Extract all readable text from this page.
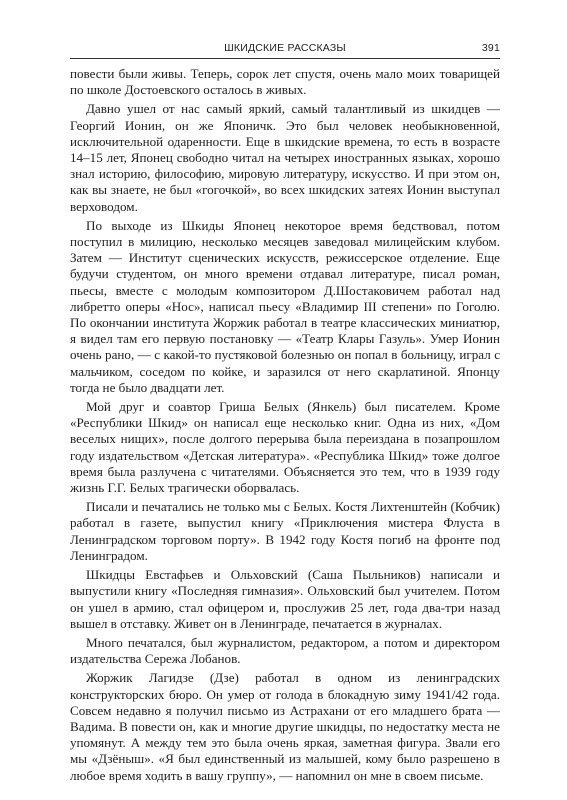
ШКИДСКИЕ РАССКАЗЫ	391

повести были живы. Теперь, сорок лет спустя, очень мало моих товарищей по школе Достоевского осталось в живых.

Давно ушел от нас самый яркий, самый талантливый из шкидцев — Георгий Ионин, он же Японичк. Это был человек необыкновенной, исключительной одаренности. Еще в шкидские времена, то есть в возрасте 14–15 лет, Японец свободно читал на четырех иностранных языках, хорошо знал историю, философию, мировую литературу, искусство. И при этом он, как вы знаете, не был «гогочкой», во всех шкидских затеях Ионин выступал верховодом.

По выходе из Шкиды Японец некоторое время бедствовал, потом поступил в милицию, несколько месяцев заведовал милицейским клубом. Затем — Институт сценических искусств, режиссерское отделение. Еще будучи студентом, он много времени отдавал литературе, писал роман, пьесы, вместе с молодым композитором Д.Шостаковичем работал над либретто оперы «Нос», написал пьесу «Владимир III степени» по Гоголю. По окончании института Жоржик работал в театре классических миниатюр, я видел там его первую постановку — «Театр Клары Газуль». Умер Ионин очень рано, — с какой-то пустяковой болезнью он попал в больницу, играл с мальчиком, соседом по койке, и заразился от него скарлатиной. Японцу тогда не было двадцати лет.

Мой друг и соавтор Гриша Белых (Янкель) был писателем. Кроме «Республики Шкид» он написал еще несколько книг. Одна из них, «Дом веселых нищих», после долгого перерыва была переиздана в позапрошлом году издательством «Детская литература». «Республика Шкид» тоже долгое время была разлучена с читателями. Объясняется это тем, что в 1939 году жизнь Г.Г. Белых трагически оборвалась.

Писали и печатались не только мы с Белых. Костя Лихтенштейн (Кобчик) работал в газете, выпустил книгу «Приключения мистера Флуста в Ленинградском торговом порту». В 1942 году Костя погиб на фронте под Ленинградом.

Шкидцы Евстафьев и Ольховский (Саша Пыльников) написали и выпустили книгу «Последняя гимназия». Ольховский был учителем. Потом он ушел в армию, стал офицером и, прослужив 25 лет, года два-три назад вышел в отставку. Живет он в Ленинграде, печатается в журналах.

Много печатался, был журналистом, редактором, а потом и директором издательства Сережа Лобанов.

Жоржик Лагидзе (Дзе) работал в одном из ленинградских конструкторских бюро. Он умер от голода в блокадную зиму 1941/42 года. Совсем недавно я получил письмо из Астрахани от его младшего брата — Вадима. В повести он, как и многие другие шкидцы, по недостатку места не упомянут. А между тем это была очень яркая, заметная фигура. Звали его мы «Дзёныш». «Я был единственный из малышей, кому было разрешено в любое время ходить в вашу группу», — напомнил он мне в своем письме.
